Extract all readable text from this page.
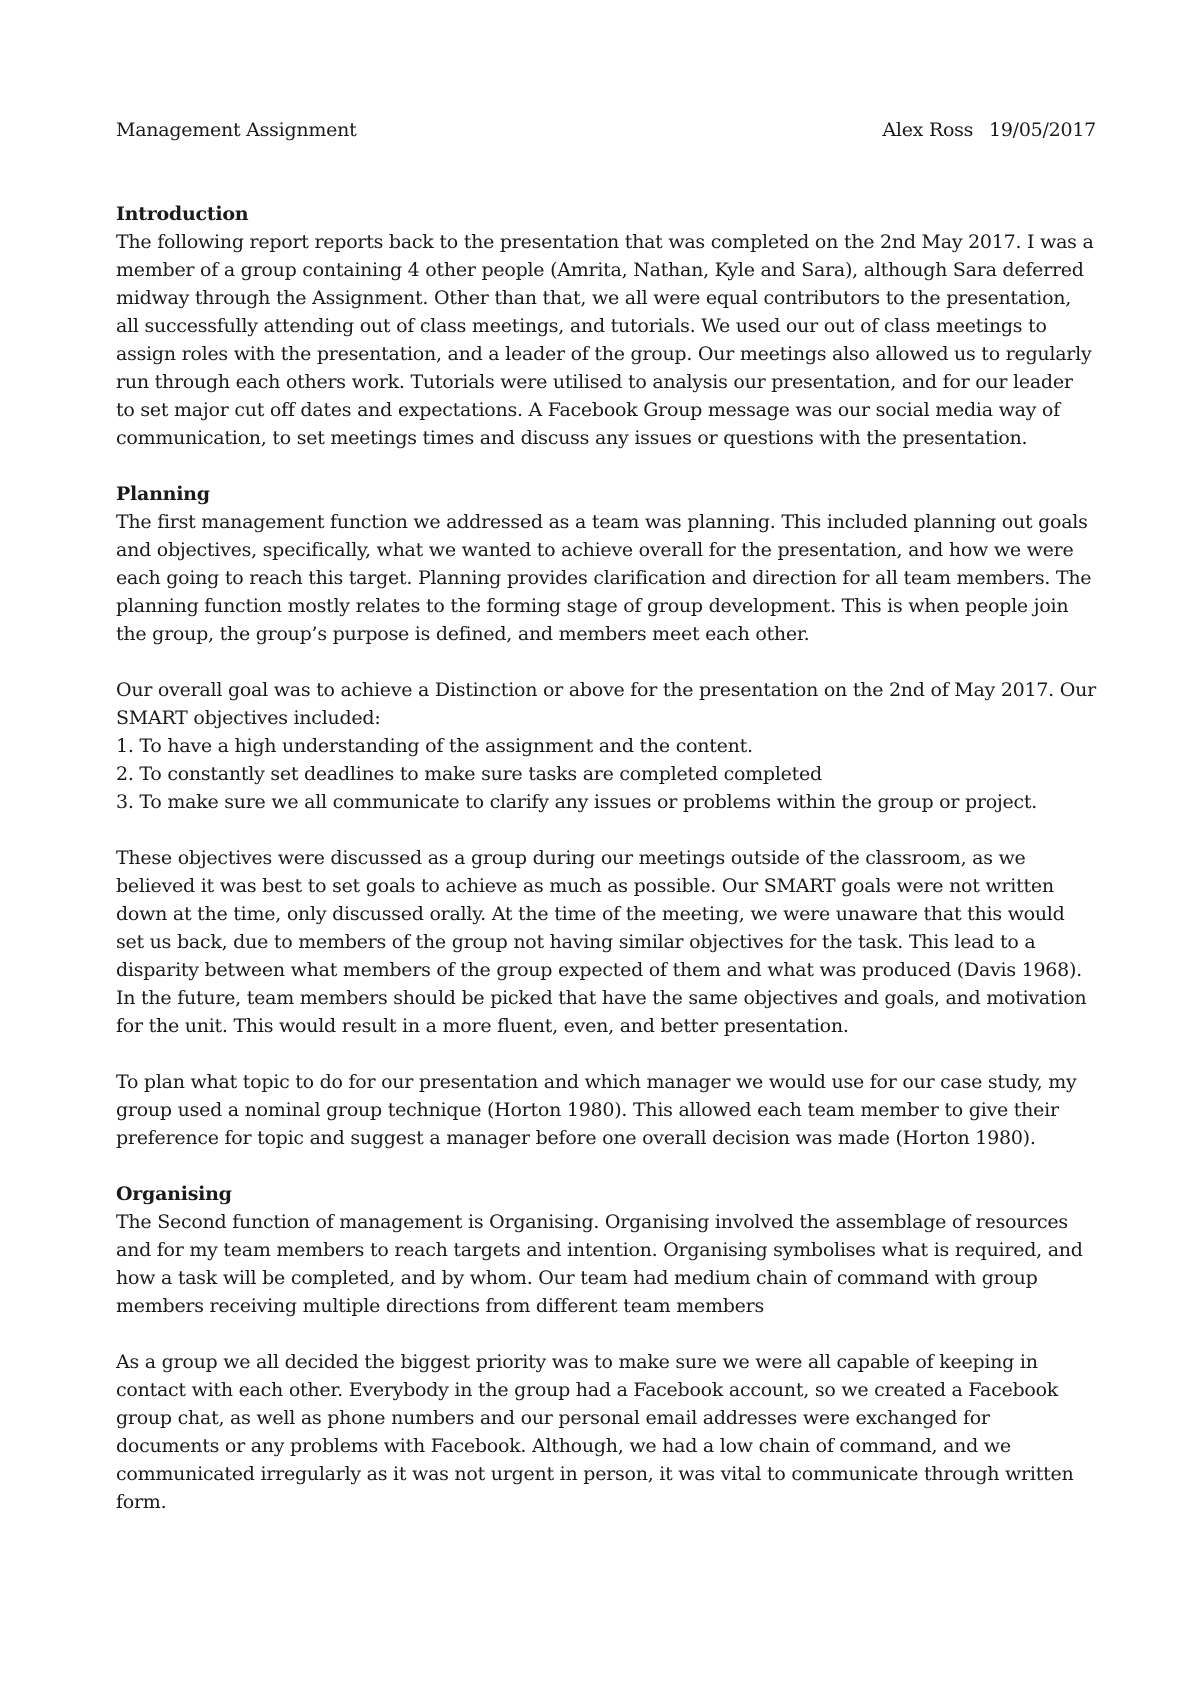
Management Assignment	Alex Ross 19/05/2017
Introduction

The following report reports back to the presentation that was completed on the 2nd May 2017. I was a member of a group containing 4 other people (Amrita, Nathan, Kyle and Sara), although Sara deferred midway through the Assignment. Other than that, we all were equal contributors to the presentation, all successfully attending out of class meetings, and tutorials. We used our out of class meetings to assign roles with the presentation, and a leader of the group. Our meetings also allowed us to regularly run through each others work. Tutorials were utilised to analysis our presentation, and for our leader to set major cut off dates and expectations. A Facebook Group message was our social media way of communication, to set meetings times and discuss any issues or questions with the presentation.

Planning

The first management function we addressed as a team was planning. This included planning out goals and objectives, specifically, what we wanted to achieve overall for the presentation, and how we were each going to reach this target. Planning provides clarification and direction for all team members. The planning function mostly relates to the forming stage of group development. This is when people join the group, the group’s purpose is defined, and members meet each other.

Our overall goal was to achieve a Distinction or above for the presentation on the 2nd of May 2017. Our SMART objectives included:

1. To have a high understanding of the assignment and the content.
2. To constantly set deadlines to make sure tasks are completed completed
3. To make sure we all communicate to clarify any issues or problems within the group or project.

These objectives were discussed as a group during our meetings outside of the classroom, as we believed it was best to set goals to achieve as much as possible. Our SMART goals were not written down at the time, only discussed orally. At the time of the meeting, we were unaware that this would set us back, due to members of the group not having similar objectives for the task. This lead to a disparity between what members of the group expected of them and what was produced (Davis 1968). In the future, team members should be picked that have the same objectives and goals, and motivation for the unit. This would result in a more fluent, even, and better presentation.

To plan what topic to do for our presentation and which manager we would use for our case study, my group used a nominal group technique (Horton 1980). This allowed each team member to give their preference for topic and suggest a manager before one overall decision was made (Horton 1980).

Organising

The Second function of management is Organising. Organising involved the assemblage of resources and for my team members to reach targets and intention. Organising symbolises what is required, and how a task will be completed, and by whom. Our team had medium chain of command with group members receiving multiple directions from different team members

As a group we all decided the biggest priority was to make sure we were all capable of keeping in contact with each other. Everybody in the group had a Facebook account, so we created a Facebook group chat, as well as phone numbers and our personal email addresses were exchanged for documents or any problems with Facebook. Although, we had a low chain of command, and we communicated irregularly as it was not urgent in person, it was vital to communicate through written form.
